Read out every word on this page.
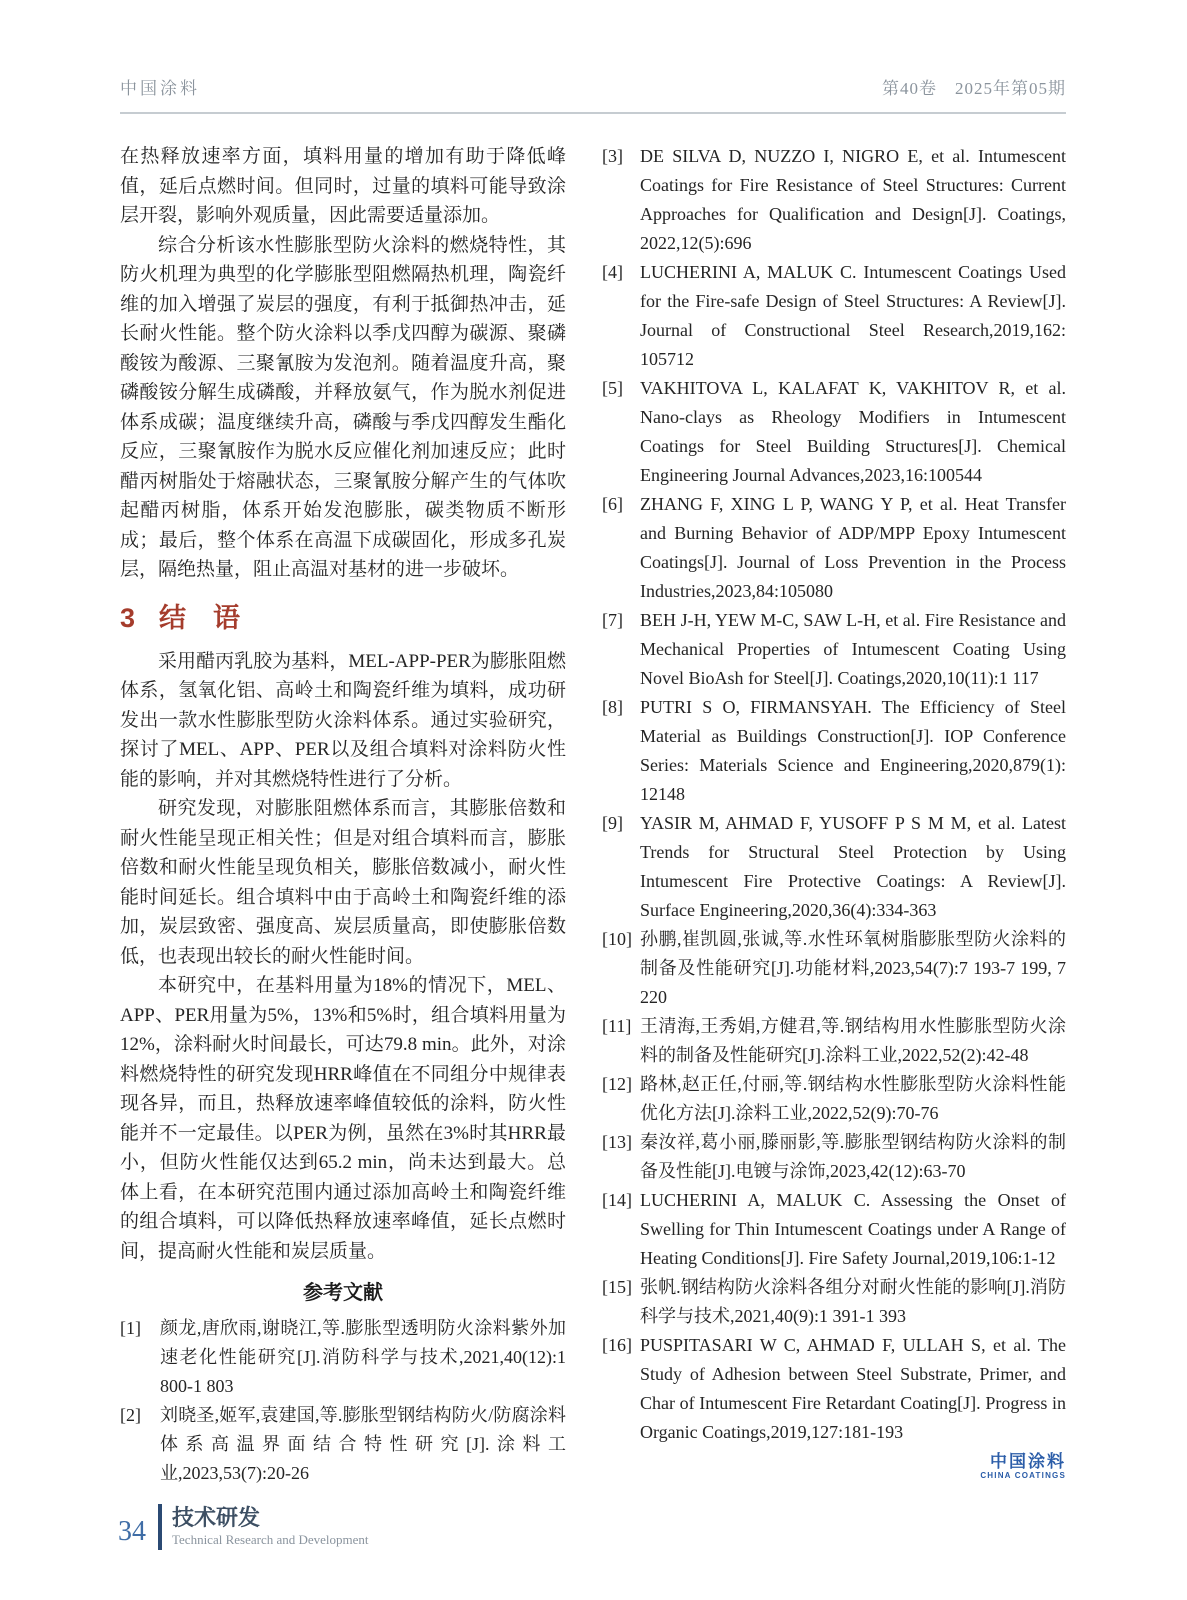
中国涂料	第40卷　2025年第05期

在热释放速率方面，填料用量的增加有助于降低峰值，延后点燃时间。但同时，过量的填料可能导致涂层开裂，影响外观质量，因此需要适量添加。

综合分析该水性膨胀型防火涂料的燃烧特性，其防火机理为典型的化学膨胀型阻燃隔热机理，陶瓷纤维的加入增强了炭层的强度，有利于抵御热冲击，延长耐火性能。整个防火涂料以季戊四醇为碳源、聚磷酸铵为酸源、三聚氰胺为发泡剂。随着温度升高，聚磷酸铵分解生成磷酸，并释放氨气，作为脱水剂促进体系成碳；温度继续升高，磷酸与季戊四醇发生酯化反应，三聚氰胺作为脱水反应催化剂加速反应；此时醋丙树脂处于熔融状态，三聚氰胺分解产生的气体吹起醋丙树脂，体系开始发泡膨胀，碳类物质不断形成；最后，整个体系在高温下成碳固化，形成多孔炭层，隔绝热量，阻止高温对基材的进一步破坏。

3 结　语

采用醋丙乳胶为基料，MEL-APP-PER为膨胀阻燃体系，氢氧化铝、高岭土和陶瓷纤维为填料，成功研发出一款水性膨胀型防火涂料体系。通过实验研究，探讨了MEL、APP、PER以及组合填料对涂料防火性能的影响，并对其燃烧特性进行了分析。

研究发现，对膨胀阻燃体系而言，其膨胀倍数和耐火性能呈现正相关性；但是对组合填料而言，膨胀倍数和耐火性能呈现负相关，膨胀倍数减小，耐火性能时间延长。组合填料中由于高岭土和陶瓷纤维的添加，炭层致密、强度高、炭层质量高，即使膨胀倍数低，也表现出较长的耐火性能时间。

本研究中，在基料用量为18%的情况下，MEL、APP、PER用量为5%，13%和5%时，组合填料用量为12%，涂料耐火时间最长，可达79.8 min。此外，对涂料燃烧特性的研究发现HRR峰值在不同组分中规律表现各异，而且，热释放速率峰值较低的涂料，防火性能并不一定最佳。以PER为例，虽然在3%时其HRR最小，但防火性能仅达到65.2 min，尚未达到最大。总体上看，在本研究范围内通过添加高岭土和陶瓷纤维的组合填料，可以降低热释放速率峰值，延长点燃时间，提高耐火性能和炭层质量。

参考文献
[1] 颜龙,唐欣雨,谢晓江,等.膨胀型透明防火涂料紫外加速老化性能研究[J].消防科学与技术,2021,40(12):1 800-1 803
[2] 刘晓圣,姬军,袁建国,等.膨胀型钢结构防火/防腐涂料体系高温界面结合特性研究[J].涂料工业,2023,53(7):20-26
[3] DE SILVA D, NUZZO I, NIGRO E, et al. Intumescent Coatings for Fire Resistance of Steel Structures: Current Approaches for Qualification and Design[J]. Coatings, 2022,12(5):696
[4] LUCHERINI A, MALUK C. Intumescent Coatings Used for the Fire-safe Design of Steel Structures: A Review[J]. Journal of Constructional Steel Research,2019,162: 105712
[5] VAKHITOVA L, KALAFAT K, VAKHITOV R, et al. Nano-clays as Rheology Modifiers in Intumescent Coatings for Steel Building Structures[J]. Chemical Engineering Journal Advances,2023,16:100544
[6] ZHANG F, XING L P, WANG Y P, et al. Heat Transfer and Burning Behavior of ADP/MPP Epoxy Intumescent Coatings[J]. Journal of Loss Prevention in the Process Industries,2023,84:105080
[7] BEH J-H, YEW M-C, SAW L-H, et al. Fire Resistance and Mechanical Properties of Intumescent Coating Using Novel BioAsh for Steel[J]. Coatings,2020,10(11):1 117
[8] PUTRI S O, FIRMANSYAH. The Efficiency of Steel Material as Buildings Construction[J]. IOP Conference Series: Materials Science and Engineering,2020,879(1): 12148
[9] YASIR M, AHMAD F, YUSOFF P S M M, et al. Latest Trends for Structural Steel Protection by Using Intumescent Fire Protective Coatings: A Review[J]. Surface Engineering,2020,36(4):334-363
[10] 孙鹏,崔凯圆,张诚,等.水性环氧树脂膨胀型防火涂料的制备及性能研究[J].功能材料,2023,54(7):7 193-7 199, 7 220
[11] 王清海,王秀娟,方健君,等.钢结构用水性膨胀型防火涂料的制备及性能研究[J].涂料工业,2022,52(2):42-48
[12] 路林,赵正任,付丽,等.钢结构水性膨胀型防火涂料性能优化方法[J].涂料工业,2022,52(9):70-76
[13] 秦汝祥,葛小丽,滕丽影,等.膨胀型钢结构防火涂料的制备及性能[J].电镀与涂饰,2023,42(12):63-70
[14] LUCHERINI A, MALUK C. Assessing the Onset of Swelling for Thin Intumescent Coatings under A Range of Heating Conditions[J]. Fire Safety Journal,2019,106:1-12
[15] 张帆.钢结构防火涂料各组分对耐火性能的影响[J].消防科学与技术,2021,40(9):1 391-1 393
[16] PUSPITASARI W C, AHMAD F, ULLAH S, et al. The Study of Adhesion between Steel Substrate, Primer, and Char of Intumescent Fire Retardant Coating[J]. Progress in Organic Coatings,2019,127:181-193
中国涂料
CHINA COATINGS
34 技术研发
Technical Research and Development
